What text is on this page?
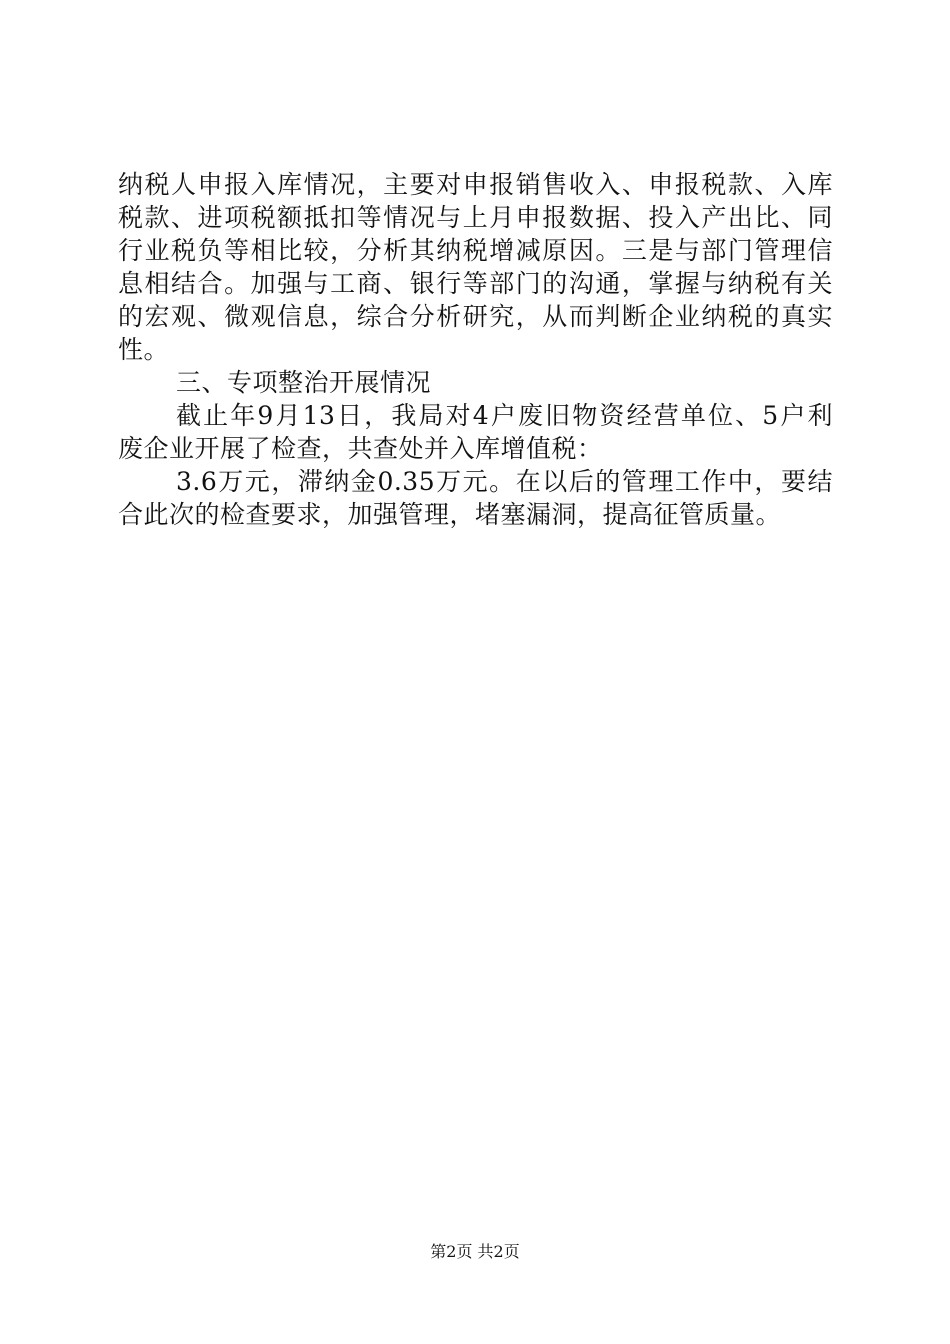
纳税人申报入库情况，主要对申报销售收入、申报税款、入库
税款、进项税额抵扣等情况与上月申报数据、投入产出比、同
行业税负等相比较，分析其纳税增减原因。三是与部门管理信
息相结合。加强与工商、银行等部门的沟通，掌握与纳税有关
的宏观、微观信息，综合分析研究，从而判断企业纳税的真实
性。
三、专项整治开展情况
截止年9月13日，我局对4户废旧物资经营单位、5户利
废企业开展了检查，共查处并入库增值税：
3.6万元，滞纳金0.35万元。在以后的管理工作中，要结
合此次的检查要求，加强管理，堵塞漏洞，提高征管质量。
第2页 共2页
